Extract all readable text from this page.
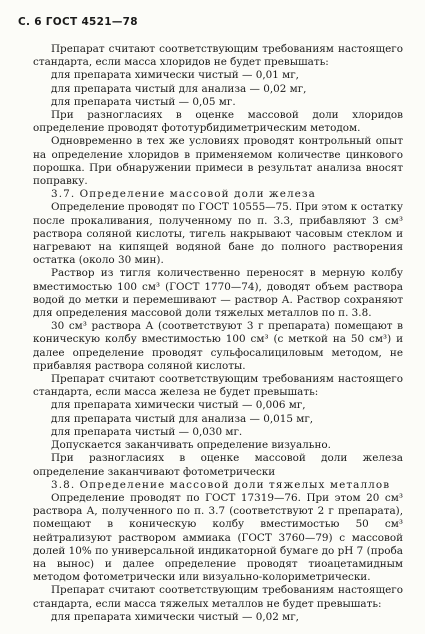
С. 6 ГОСТ 4521—78

Препарат считают соответствующим требованиям настоящего стандарта, если масса хлоридов не будет превышать:

для препарата химически чистый — 0,01 мг,

для препарата чистый для анализа — 0,02 мг,

для препарата чистый — 0,05 мг.

При разногласиях в оценке массовой доли хлоридов определение проводят фототурбидиметрическим методом.

Одновременно в тех же условиях проводят контрольный опыт на определение хлоридов в применяемом количестве цинкового порошка. При обнаружении примеси в результат анализа вносят поправку.

3.7. Определение массовой доли железа

Определение проводят по ГОСТ 10555—75. При этом к остатку после прокаливания, полученному по п. 3.3, прибавляют 3 см³ раствора соляной кислоты, тигель накрывают часовым стеклом и нагревают на кипящей водяной бане до полного растворения остатка (около 30 мин).

Раствор из тигля количественно переносят в мерную колбу вместимостью 100 см³ (ГОСТ 1770—74), доводят объем раствора водой до метки и перемешивают — раствор А. Раствор сохраняют для определения массовой доли тяжелых металлов по п. 3.8.

30 см³ раствора А (соответствуют 3 г препарата) помещают в коническую колбу вместимостью 100 см³ (с меткой на 50 см³) и далее определение проводят сульфосалициловым методом, не прибавляя раствора соляной кислоты.

Препарат считают соответствующим требованиям настоящего стандарта, если масса железа не будет превышать:

для препарата химически чистый — 0,006 мг,

для препарата чистый для анализа — 0,015 мг,

для препарата чистый — 0,030 мг.

Допускается заканчивать определение визуально.

При разногласиях в оценке массовой доли железа определение заканчивают фотометрически

3.8. Определение массовой доли тяжелых металлов

Определение проводят по ГОСТ 17319—76. При этом 20 см³ раствора А, полученного по п. 3.7 (соответствуют 2 г препарата), помещают в коническую колбу вместимостью 50 см³ нейтрализуют раствором аммиака (ГОСТ 3760—79) с массовой долей 10% по универсальной индикаторной бумаге до рН 7 (проба на вынос) и далее определение проводят тиоацетамидным методом фотометрически или визуально-колориметрически.

Препарат считают соответствующим требованиям настоящего стандарта, если масса тяжелых металлов не будет превышать:

для препарата химически чистый — 0,02 мг,
